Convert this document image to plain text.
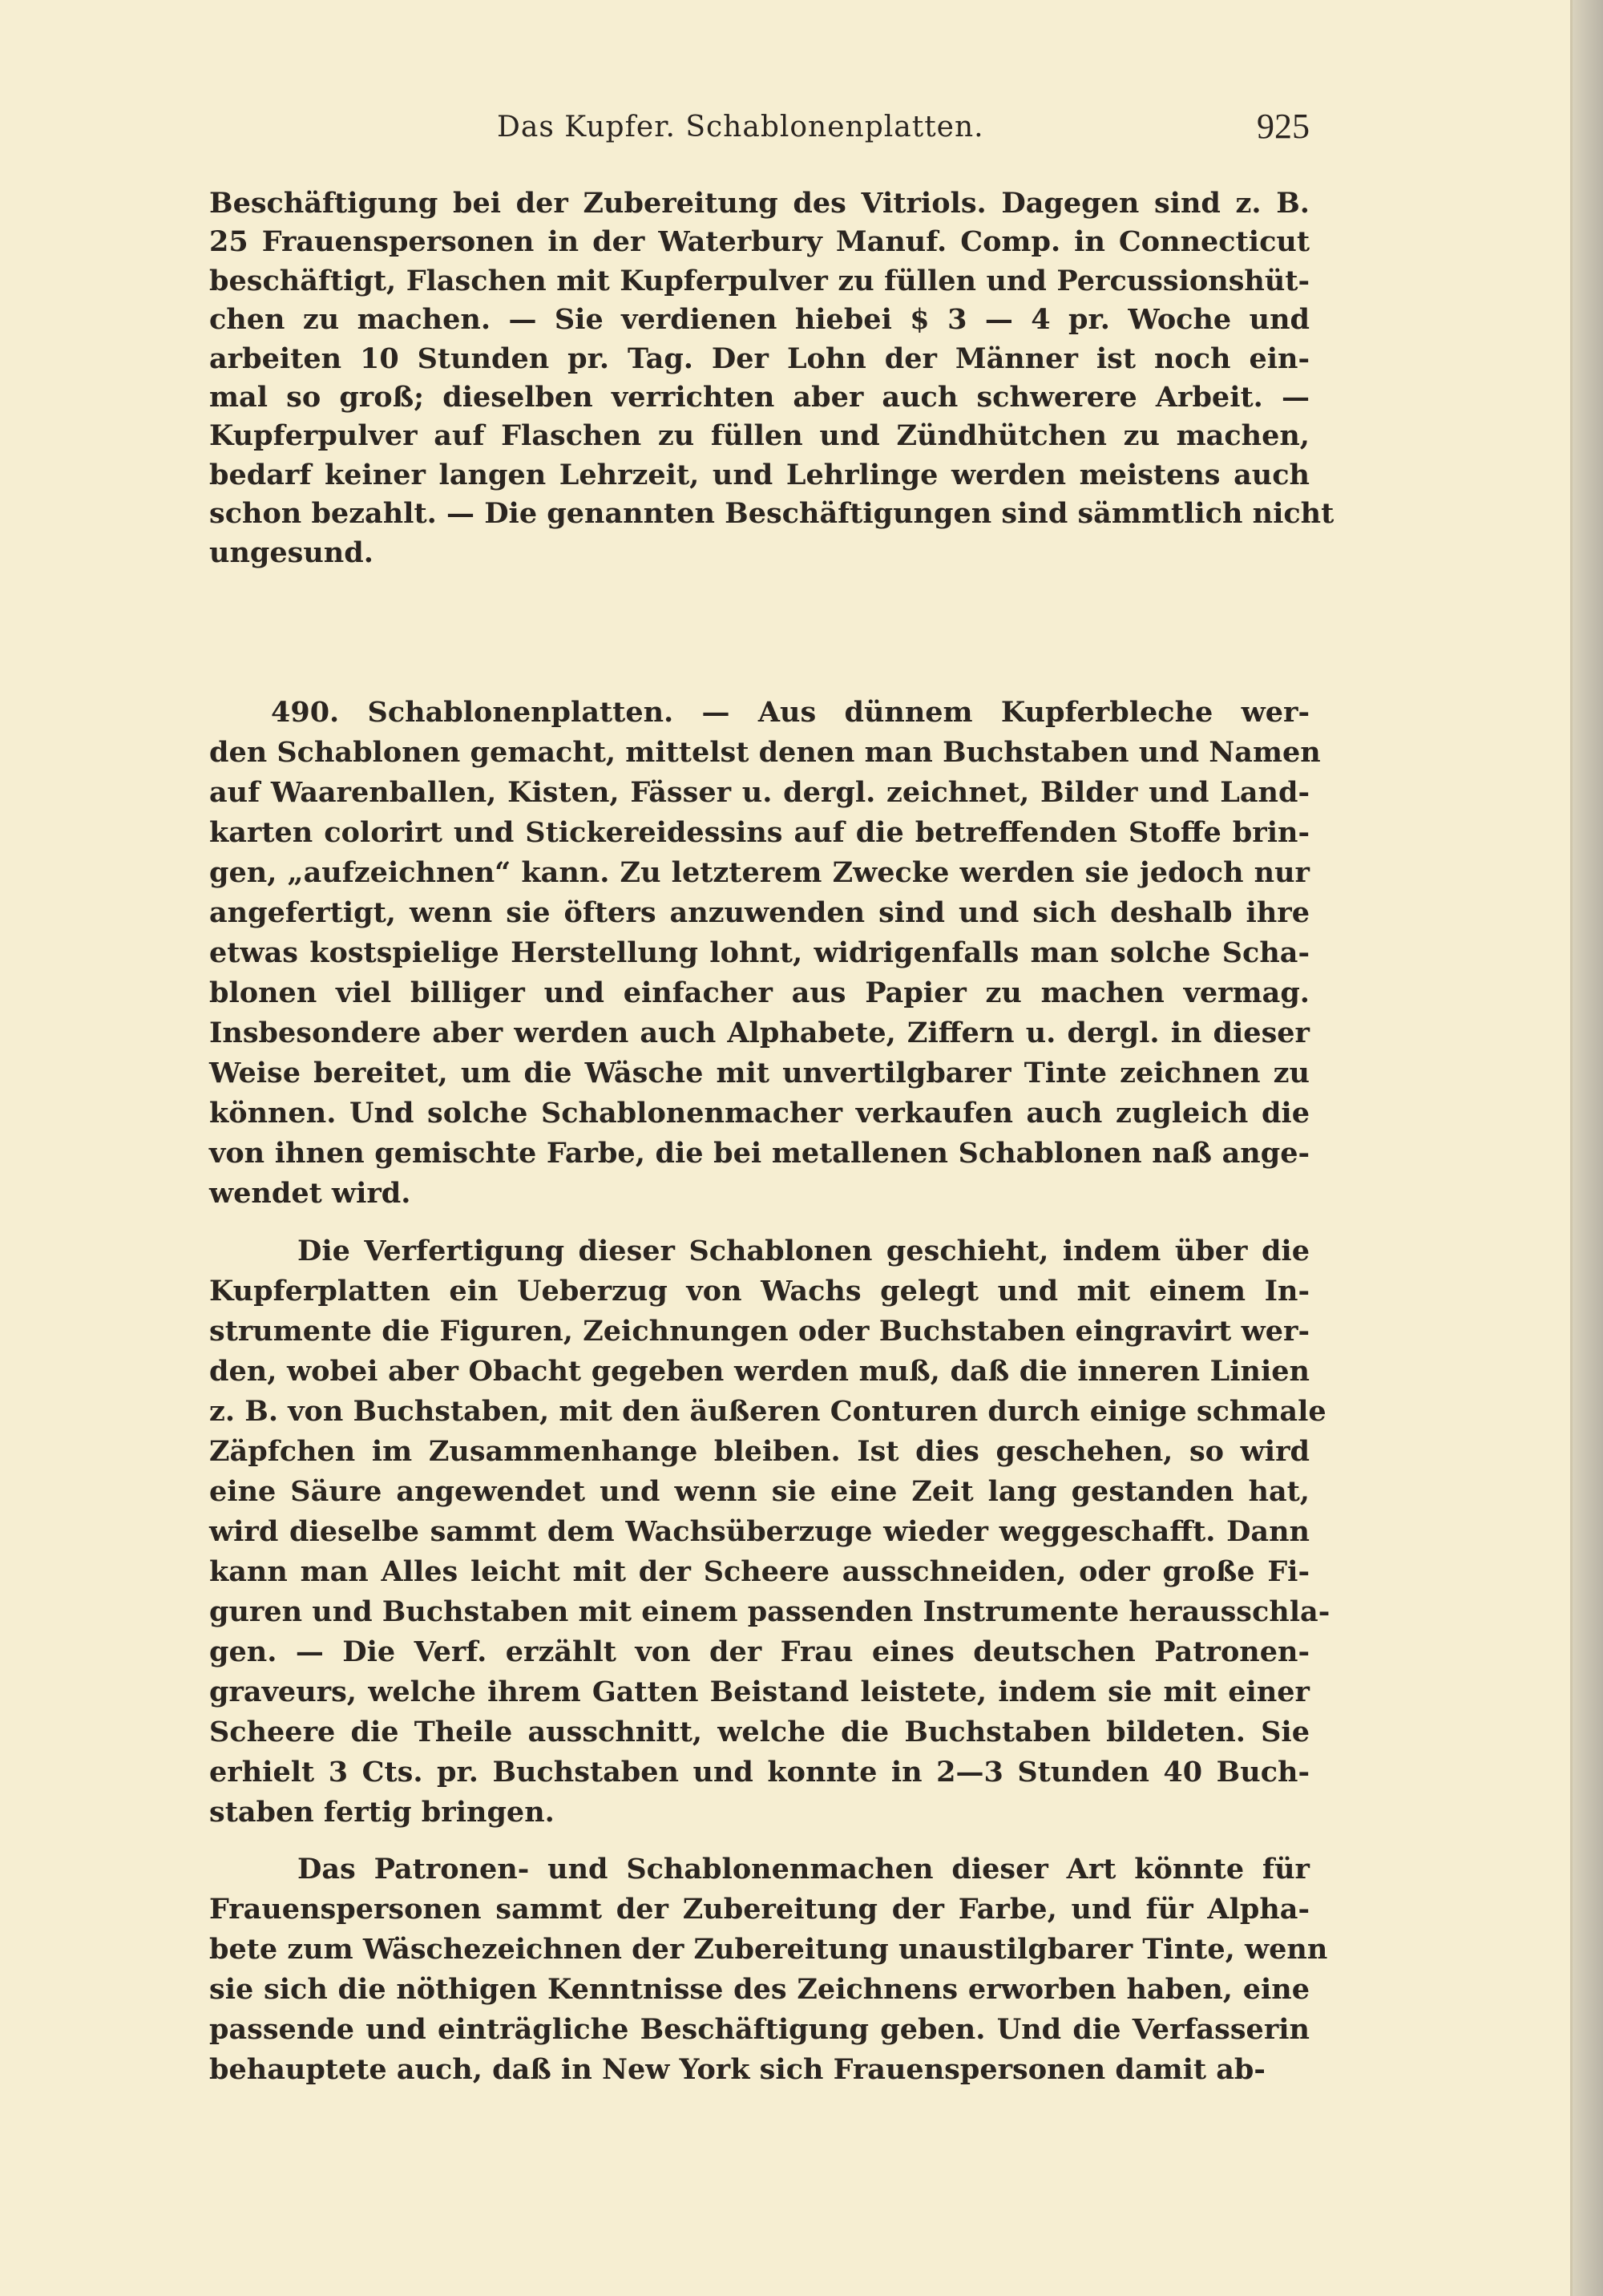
Das Kupfer. Schablonenplatten.	925
Beschäftigung bei der Zubereitung des Vitriols. Dagegen sind z. B.
25 Frauenspersonen in der Waterbury Manuf. Comp. in Connecticut
beschäftigt, Flaschen mit Kupferpulver zu füllen und Percussionshüt-
chen zu machen. — Sie verdienen hiebei $ 3 — 4 pr. Woche und
arbeiten 10 Stunden pr. Tag. Der Lohn der Männer ist noch ein-
mal so groß; dieselben verrichten aber auch schwerere Arbeit. —
Kupferpulver auf Flaschen zu füllen und Zündhütchen zu machen,
bedarf keiner langen Lehrzeit, und Lehrlinge werden meistens auch
schon bezahlt. — Die genannten Beschäftigungen sind sämmtlich nicht
ungesund.
490. Schablonenplatten. — Aus dünnem Kupferbleche wer-
den Schablonen gemacht, mittelst denen man Buchstaben und Namen
auf Waarenballen, Kisten, Fässer u. dergl. zeichnet, Bilder und Land-
karten colorirt und Stickereidessins auf die betreffenden Stoffe brin-
gen, „aufzeichnen“ kann. Zu letzterem Zwecke werden sie jedoch nur
angefertigt, wenn sie öfters anzuwenden sind und sich deshalb ihre
etwas kostspielige Herstellung lohnt, widrigenfalls man solche Scha-
blonen viel billiger und einfacher aus Papier zu machen vermag.
Insbesondere aber werden auch Alphabete, Ziffern u. dergl. in dieser
Weise bereitet, um die Wäsche mit unvertilgbarer Tinte zeichnen zu
können. Und solche Schablonenmacher verkaufen auch zugleich die
von ihnen gemischte Farbe, die bei metallenen Schablonen naß ange-
wendet wird.
Die Verfertigung dieser Schablonen geschieht, indem über die
Kupferplatten ein Ueberzug von Wachs gelegt und mit einem In-
strumente die Figuren, Zeichnungen oder Buchstaben eingravirt wer-
den, wobei aber Obacht gegeben werden muß, daß die inneren Linien
z. B. von Buchstaben, mit den äußeren Conturen durch einige schmale
Zäpfchen im Zusammenhange bleiben. Ist dies geschehen, so wird
eine Säure angewendet und wenn sie eine Zeit lang gestanden hat,
wird dieselbe sammt dem Wachsüberzuge wieder weggeschafft. Dann
kann man Alles leicht mit der Scheere ausschneiden, oder große Fi-
guren und Buchstaben mit einem passenden Instrumente herausschla-
gen. — Die Verf. erzählt von der Frau eines deutschen Patronen-
graveurs, welche ihrem Gatten Beistand leistete, indem sie mit einer
Scheere die Theile ausschnitt, welche die Buchstaben bildeten. Sie
erhielt 3 Cts. pr. Buchstaben und konnte in 2—3 Stunden 40 Buch-
staben fertig bringen.
Das Patronen- und Schablonenmachen dieser Art könnte für
Frauenspersonen sammt der Zubereitung der Farbe, und für Alpha-
bete zum Wäschezeichnen der Zubereitung unaustilgbarer Tinte, wenn
sie sich die nöthigen Kenntnisse des Zeichnens erworben haben, eine
passende und einträgliche Beschäftigung geben. Und die Verfasserin
behauptete auch, daß in New York sich Frauenspersonen damit ab-
